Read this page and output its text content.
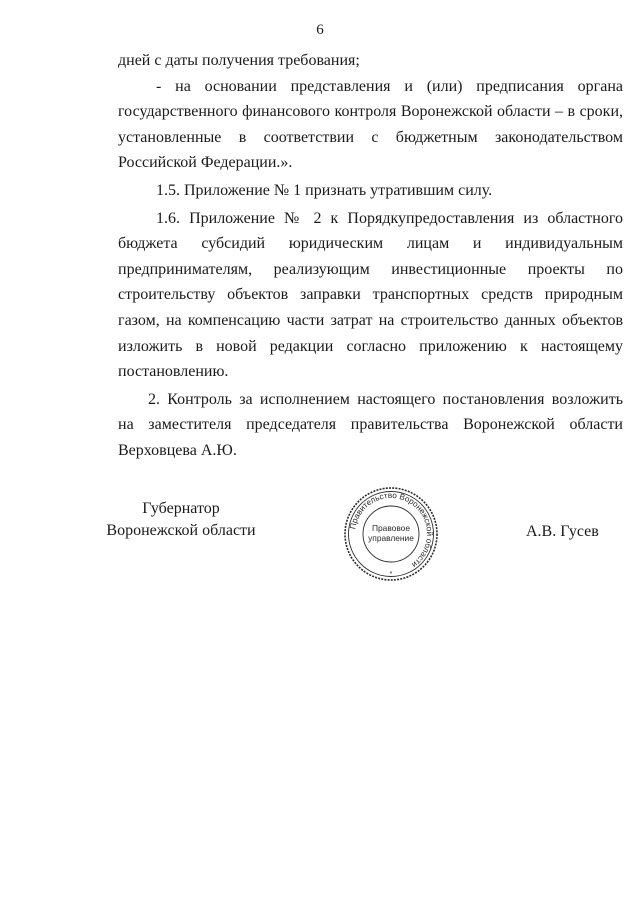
6

дней с даты получения требования;

- на основании представления и (или) предписания органа государственного финансового контроля Воронежской области – в сроки, установленные в соответствии с бюджетным законодательством Российской Федерации.».

1.5. Приложение № 1 признать утратившим силу.

1.6. Приложение № 2 к Порядкупредоставления из областного бюджета субсидий юридическим лицам и индивидуальным предпринимателям, реализующим инвестиционные проекты по строительству объектов заправки транспортных средств природным газом, на компенсацию части затрат на строительство данных объектов изложить в новой редакции согласно приложению к настоящему постановлению.

2. Контроль за исполнением настоящего постановления возложить на заместителя председателя правительства Воронежской области Верховцева А.Ю.

Губернатор
Воронежской области	Правительство Воронежской области
Правовое
управление
*
А.В. Гусев
